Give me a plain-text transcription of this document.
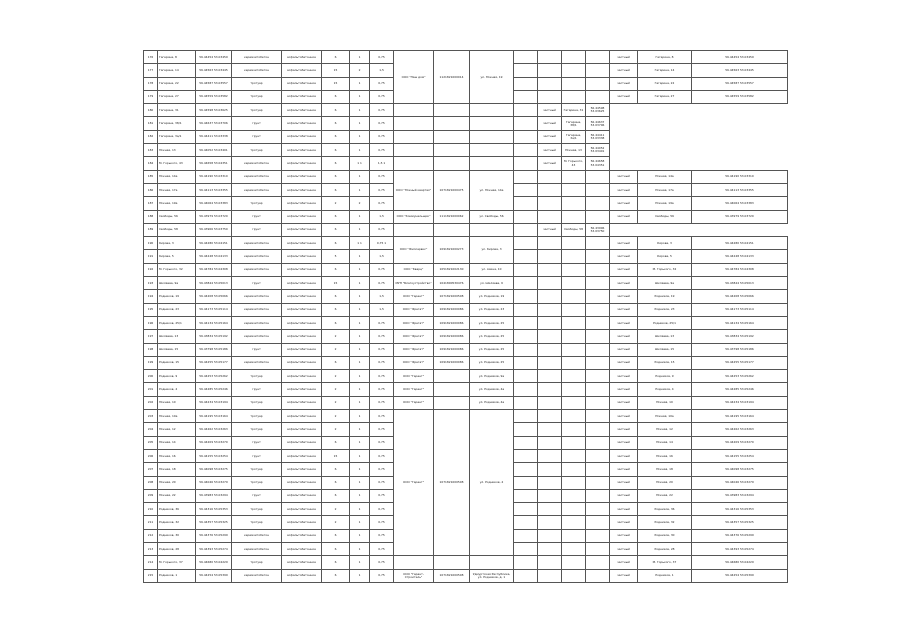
176	Гагарина, 8	56.44454 53.03459	керамзитобетон	асфальтобетонное	6	1	0,75	ООО "Наш дом"	1121821000014	ул. Южная, 19					частный	Гагарина, 8	56.44454 53.03459
177	Гагарина, 14	56.44563 53.03445	керамзитобетон	асфальтобетонное	15	2	1,5								частный	Гагарина, 14	56.44563 53.03445
178	Гагарина, 22	56.44587 53.03557	тротуар	асфальтобетонное	15	1	0,75								частный	Гагарина, 22	56.44587 53.03557
179	Гагарина, 27	56.44559 53.03582	тротуар	асфальтобетонное	6	1	0,75								частный	Гагарина, 27	56.44559 53.03582
180	Гагарина, 31	56.44598 53.03625	тротуар	асфальтобетонное	6	1	0,75					частный	Гагарина, 31	56.44598 53.03625			
181	Гагарина, 38/1	56.44637 53.03706	грунт	асфальтобетонное	6	1	0,75					частный	Гагарина, 38/1	56.44637 53.03706			
182	Гагарина, 3а/1	56.44411 53.03338	грунт	асфальтобетонное	6	1	0,75					частный	Гагарина, 3а/1	56.44411 53.03338			
183	Южная, 13	56.44052 53.03401	тротуар	асфальтобетонное	6	1	0,75					частный	Южная, 13	56.44052 53.03401			
184	М. Горького, 43	56.44658 53.04351	керамзитобетон	асфальтобетонное	6	1 1	1,5 1					частный	М. Горького, 43	56.44658 53.04351			
185	Южная, 14а	56.44190 53.03310	керамзитобетон	асфальтобетонное	6	1	0,75	ООО "Южный квартал"	1071821000475	ул. Южная, 14а					частный	Южная, 14а	56.44190 53.03310
186	Южная, 17а	56.44113 53.03355	керамзитобетон	асфальтобетонное	6	1	0,75								частный	Южная, 17а	56.44113 53.03355
187	Южная, 19а	56.44064 53.03383	тротуар	асфальтобетонное	2	2	0,75								частный	Южная, 19а	56.44064 53.03383
188	Свободы, 56	56.43979 53.03720	грунт	асфальтобетонное	6	1	1,5	ООО "Коммунальщик"	1111821000062	ул. Свободы, 56					частный	Свободы, 56	56.43979 53.03720
189	Свободы, 58	56.43906 53.03750	грунт	асфальтобетонное	6	1	0,75					частный	Свободы, 58	56.43906 53.03750			
190	Кирова, 3	56.44280 53.04151	керамзитобетон	асфальтобетонное	6	1 1	0,75 1	ООО "Жилсервис"	1091821000273	ул. Кирова, 3					частный	Кирова, 3	56.44280 53.04151
191	Кирова, 5	56.44248 53.04133	керамзитобетон	асфальтобетонное	5	1	1,5								частный	Кирова, 5	56.44248 53.04133
192	М. Горького, 32	56.44784 53.04308	керамзитобетон	асфальтобетонное	6	1	0,75	ООО "Кварц"	1051821002130	ул. Азина, 10					частный	М. Горького, 32	56.44784 53.04308
193	Шкляева, 9а	56.43844 53.05013	грунт	асфальтобетонное	15	1	0,75	МУП "Благоустройство"	1041800530476	ул. Шкляева, 9					частный	Шкляева, 9а	56.43844 53.05013
194	Родников, 19	56.44208 53.05066	керамзитобетон	асфальтобетонное	6	1	1,5	ООО "Гарант"	1071821000508	ул. Родников, 19					частный	Родников, 19	56.44208 53.05066
195	Родников, 23	56.44173 53.05114	керамзитобетон	асфальтобетонное	6	1	1,5	ООО "Фрегат"	1091821000086	ул. Родников, 23					частный	Родников, 23	56.44173 53.05114
196	Родников, 25/1	56.44134 53.05164	керамзитобетон	асфальтобетонное	6	1	0,75	ООО "Фрегат"	1091821000086	ул. Родников, 25					частный	Родников, 25/1	56.44134 53.05164
197	Шкляева, 13	56.43834 53.05192	керамзитобетон	асфальтобетонное	2	1	0,75	ООО "Фрегат"	1091821000086	ул. Родников, 25					частный	Шкляева, 13	56.43834 53.05192
198	Шкляева, 15	56.43798 53.05186	грунт	асфальтобетонное	2	1	0,75	ООО "Фрегат"	1091821000086	ул. Родников, 25					частный	Шкляева, 15	56.43798 53.05186
199	Родников, 15	56.44255 53.05177	керамзитобетон	асфальтобетонное	6	1	0,75	ООО "Фрегат"	1091821000086	ул. Родников, 25					частный	Родников, 15	56.44255 53.05177
200	Родников, 9	56.44253 53.05262	тротуар	асфальтобетонное	2	1	0,75	ООО "Гарант"		ул. Родников, 9а					частный	Родников, 9	56.44253 53.05262
201	Родников, 4	56.44285 53.05246	грунт	асфальтобетонное	2	1	0,75	ООО "Гарант"		ул. Родников, 4а					частный	Родников, 4	56.44285 53.05246
202	Южная, 10	56.44234 53.03194	тротуар	асфальтобетонное	2	1	0,75	ООО "Гарант"		ул. Родников, 4а					частный	Южная, 10	56.44234 53.03194
203	Южная, 10а	56.44195 53.03164	тротуар	асфальтобетонное	2	1	0,75	ООО "Гарант"	1071821000508	ул. Родников, 4					частный	Южная, 10а	56.44195 53.03164
204	Южная, 12	56.44262 53.03263	тротуар	асфальтобетонное	2	1	0,75								частный	Южная, 12	56.44262 53.03263
205	Южная, 14	56.44209 53.03270	грунт	асфальтобетонное	6	1	0,75								частный	Южная, 14	56.44209 53.03270
206	Южная, 16	56.44155 53.03254	грунт	асфальтобетонное	15	1	0,75								частный	Южная, 16	56.44155 53.03254
207	Южная, 18	56.44098 53.03275	тротуар	асфальтобетонное	6	1	0,75								частный	Южная, 18	56.44098 53.03275
208	Южная, 20	56.44046 53.03279	тротуар	асфальтобетонное	6	1	0,75								частный	Южная, 20	56.44046 53.03279
209	Южная, 22	56.43983 53.03294	грунт	асфальтобетонное	6	1	0,75								частный	Южная, 22	56.43983 53.03294
210	Родников, 36	56.44316 53.05353	тротуар	асфальтобетонное	2	1	0,75								частный	Родников, 36	56.44316 53.05353
211	Родников, 32	56.44357 53.05325	тротуар	асфальтобетонное	2	1	0,75								частный	Родников, 32	56.44357 53.05325
212	Родников, 30	56.44376 53.05299	керамзитобетон	асфальтобетонное	6	1	0,75								частный	Родников, 30	56.44376 53.05299
213	Родников, 28	56.44393 53.05274	керамзитобетон	асфальтобетонное	6	1	0,75								частный	Родников, 28	56.44393 53.05274
214	М. Горького, 37	56.44680 53.04229	тротуар	асфальтобетонное	6	1	0,75								частный	М. Горького, 37	56.44680 53.04229
215	Родников, 1	56.44254 53.05399	керамзитобетон	асфальтобетонное	6	1	0,75	ООО "Гарант-Строитель"	1071821000508	Удмуртская Республика, ул. Родников, д. 1					частный	Родников, 1	56.44254 53.05399
